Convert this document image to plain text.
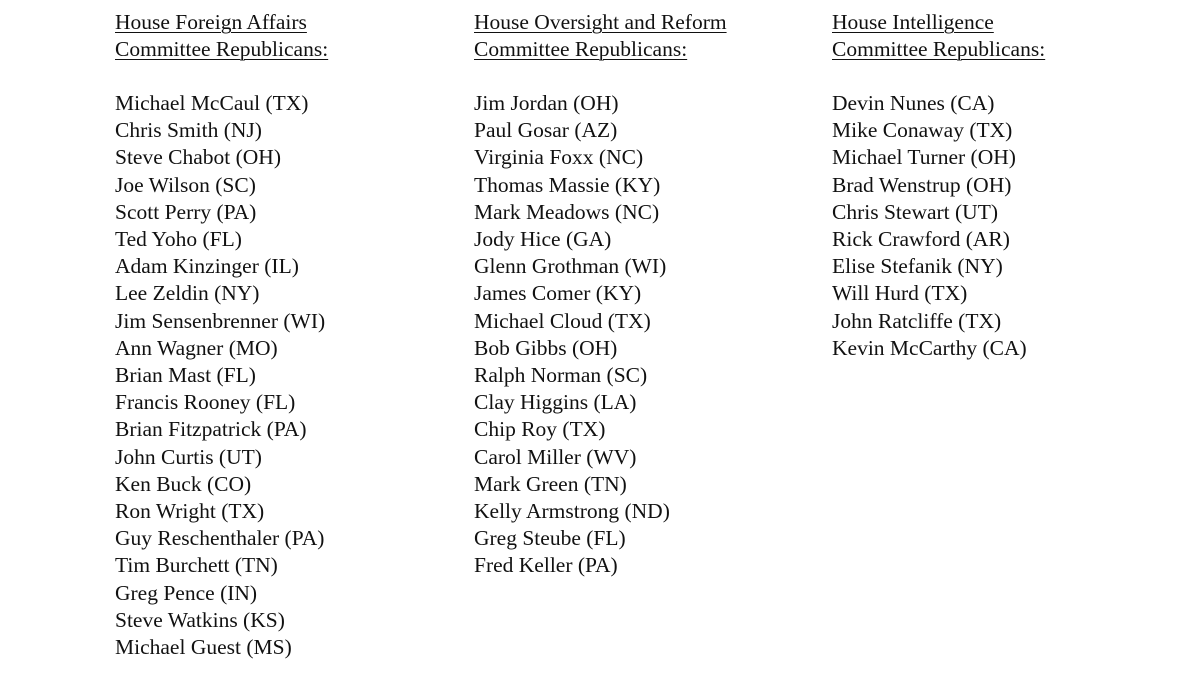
House Foreign Affairs
Committee Republicans:
Michael McCaul (TX)
Chris Smith (NJ)
Steve Chabot (OH)
Joe Wilson (SC)
Scott Perry (PA)
Ted Yoho (FL)
Adam Kinzinger (IL)
Lee Zeldin (NY)
Jim Sensenbrenner (WI)
Ann Wagner (MO)
Brian Mast (FL)
Francis Rooney (FL)
Brian Fitzpatrick (PA)
John Curtis (UT)
Ken Buck (CO)
Ron Wright (TX)
Guy Reschenthaler (PA)
Tim Burchett (TN)
Greg Pence (IN)
Steve Watkins (KS)
Michael Guest (MS)
House Oversight and Reform
Committee Republicans:
Jim Jordan (OH)
Paul Gosar (AZ)
Virginia Foxx (NC)
Thomas Massie (KY)
Mark Meadows (NC)
Jody Hice (GA)
Glenn Grothman (WI)
James Comer (KY)
Michael Cloud (TX)
Bob Gibbs (OH)
Ralph Norman (SC)
Clay Higgins (LA)
Chip Roy (TX)
Carol Miller (WV)
Mark Green (TN)
Kelly Armstrong (ND)
Greg Steube (FL)
Fred Keller (PA)
House Intelligence
Committee Republicans:
Devin Nunes (CA)
Mike Conaway (TX)
Michael Turner (OH)
Brad Wenstrup (OH)
Chris Stewart (UT)
Rick Crawford (AR)
Elise Stefanik (NY)
Will Hurd (TX)
John Ratcliffe (TX)
Kevin McCarthy (CA)
